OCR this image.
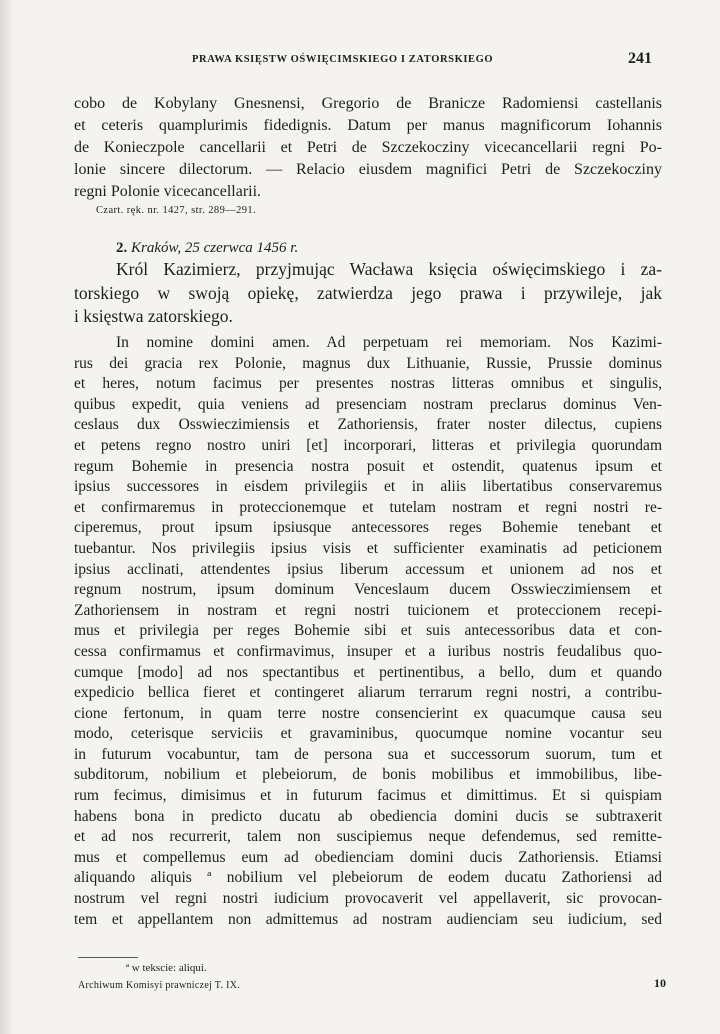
PRAWA KSIĘSTW OŚWIĘCIMSKIEGO I ZATORSKIEGO	241
cobo de Kobylany Gnesnensi, Gregorio de Branicze Radomiensi castellanis
et ceteris quamplurimis fidedignis. Datum per manus magnificorum Iohannis
de Konieczpole cancellarii et Petri de Szczekocziny vicecancellarii regni Po-
lonie sincere dilectorum. — Relacio eiusdem magnifici Petri de Szczekocziny
regni Polonie vicecancellarii.
Czart. ręk. nr. 1427, str. 289—291.
2. Kraków, 25 czerwca 1456 r.
Król Kazimierz, przyjmując Wacława księcia oświęcimskiego i za-
torskiego w swoją opiekę, zatwierdza jego prawa i przywileje, jak
i księstwa zatorskiego.
In nomine domini amen. Ad perpetuam rei memoriam. Nos Kazimi-
rus dei gracia rex Polonie, magnus dux Lithuanie, Russie, Prussie dominus
et heres, notum facimus per presentes nostras litteras omnibus et singulis,
quibus expedit, quia veniens ad presenciam nostram preclarus dominus Ven-
ceslaus dux Osswieczimiensis et Zathoriensis, frater noster dilectus, cupiens
et petens regno nostro uniri [et] incorporari, litteras et privilegia quorundam
regum Bohemie in presencia nostra posuit et ostendit, quatenus ipsum et
ipsius successores in eisdem privilegiis et in aliis libertatibus conservaremus
et confirmaremus in proteccionemque et tutelam nostram et regni nostri re-
ciperemus, prout ipsum ipsiusque antecessores reges Bohemie tenebant et
tuebantur. Nos privilegiis ipsius visis et sufficienter examinatis ad peticionem
ipsius acclinati, attendentes ipsius liberum accessum et unionem ad nos et
regnum nostrum, ipsum dominum Venceslaum ducem Osswieczimiensem et
Zathoriensem in nostram et regni nostri tuicionem et proteccionem recepi-
mus et privilegia per reges Bohemie sibi et suis antecessoribus data et con-
cessa confirmamus et confirmavimus, insuper et a iuribus nostris feudalibus quo-
cumque [modo] ad nos spectantibus et pertinentibus, a bello, dum et quando
expedicio bellica fieret et contingeret aliarum terrarum regni nostri, a contribu-
cione fertonum, in quam terre nostre consencierint ex quacumque causa seu
modo, ceterisque serviciis et gravaminibus, quocumque nomine vocantur seu
in futurum vocabuntur, tam de persona sua et successorum suorum, tum et
subditorum, nobilium et plebeiorum, de bonis mobilibus et immobilibus, libe-
rum fecimus, dimisimus et in futurum facimus et dimittimus. Et si quispiam
habens bona in predicto ducatu ab obediencia domini ducis se subtraxerit
et ad nos recurrerit, talem non suscipiemus neque defendemus, sed remitte-
mus et compellemus eum ad obedienciam domini ducis Zathoriensis. Etiamsi
aliquando aliquis ª nobilium vel plebeiorum de eodem ducatu Zathoriensi ad
nostrum vel regni nostri iudicium provocaverit vel appellaverit, sic provocan-
tem et appellantem non admittemus ad nostram audienciam seu iudicium, sed
ª w tekscie: aliqui.
Archiwum Komisyi prawniczej T. IX.	10
